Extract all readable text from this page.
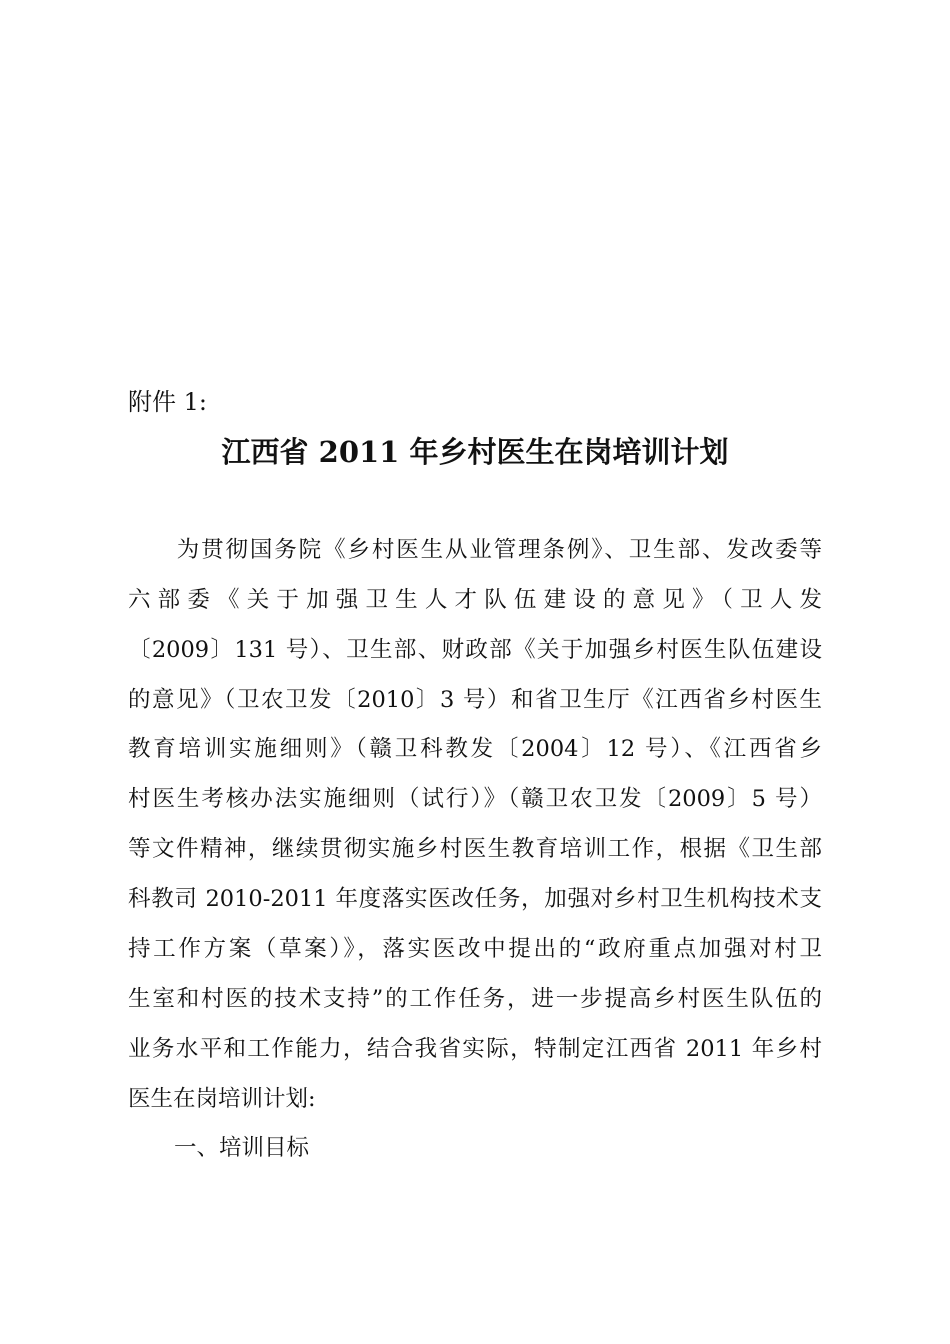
附件 1:
江西省 2011 年乡村医生在岗培训计划
　　为贯彻国务院《乡村医生从业管理条例》、卫生部、发改委等
六部委《关于加强卫生人才队伍建设的意见》（卫人发
〔2009〕131 号）、卫生部、财政部《关于加强乡村医生队伍建设
的意见》（卫农卫发〔2010〕3 号）和省卫生厅《江西省乡村医生
教育培训实施细则》（赣卫科教发〔2004〕12 号）、《江西省乡
村医生考核办法实施细则（试行）》（赣卫农卫发〔2009〕5 号）
等文件精神，继续贯彻实施乡村医生教育培训工作，根据《卫生部
科教司 2010-2011 年度落实医改任务，加强对乡村卫生机构技术支
持工作方案（草案）》，落实医改中提出的“政府重点加强对村卫
生室和村医的技术支持”的工作任务，进一步提高乡村医生队伍的
业务水平和工作能力，结合我省实际，特制定江西省 2011 年乡村
医生在岗培训计划:
一、培训目标
